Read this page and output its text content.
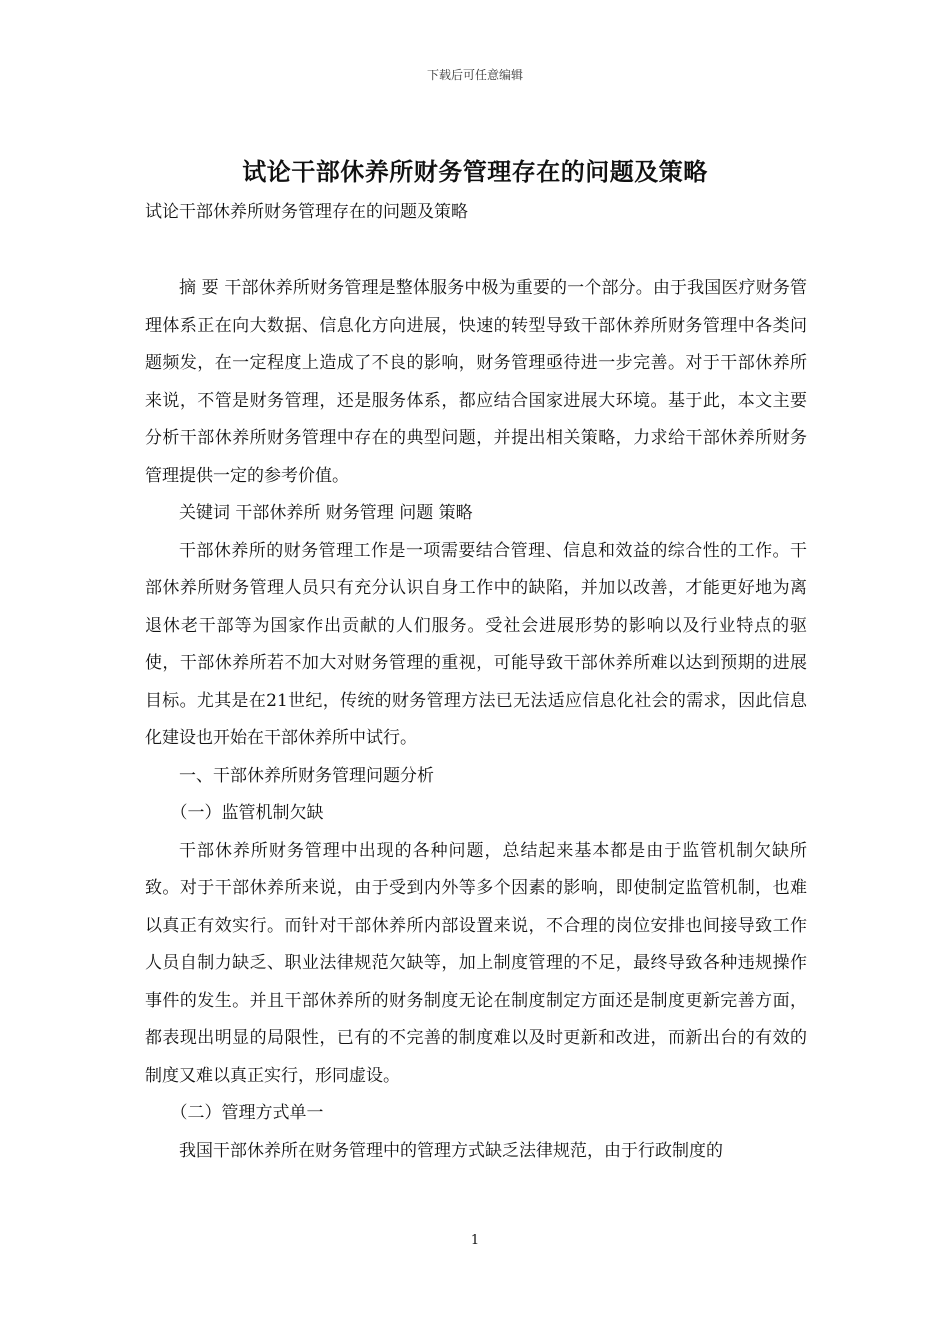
下载后可任意编辑
试论干部休养所财务管理存在的问题及策略
试论干部休养所财务管理存在的问题及策略

摘 要 干部休养所财务管理是整体服务中极为重要的一个部分。由于我国医疗财务管理体系正在向大数据、信息化方向进展，快速的转型导致干部休养所财务管理中各类问题频发，在一定程度上造成了不良的影响，财务管理亟待进一步完善。对于干部休养所来说，不管是财务管理，还是服务体系，都应结合国家进展大环境。基于此，本文主要分析干部休养所财务管理中存在的典型问题，并提出相关策略，力求给干部休养所财务管理提供一定的参考价值。

关键词 干部休养所 财务管理 问题 策略

干部休养所的财务管理工作是一项需要结合管理、信息和效益的综合性的工作。干部休养所财务管理人员只有充分认识自身工作中的缺陷，并加以改善，才能更好地为离退休老干部等为国家作出贡献的人们服务。受社会进展形势的影响以及行业特点的驱使，干部休养所若不加大对财务管理的重视，可能导致干部休养所难以达到预期的进展目标。尤其是在21世纪，传统的财务管理方法已无法适应信息化社会的需求，因此信息化建设也开始在干部休养所中试行。

一、干部休养所财务管理问题分析

（一）监管机制欠缺

干部休养所财务管理中出现的各种问题，总结起来基本都是由于监管机制欠缺所致。对于干部休养所来说，由于受到内外等多个因素的影响，即使制定监管机制，也难以真正有效实行。而针对干部休养所内部设置来说，不合理的岗位安排也间接导致工作人员自制力缺乏、职业法律规范欠缺等，加上制度管理的不足，最终导致各种违规操作事件的发生。并且干部休养所的财务制度无论在制度制定方面还是制度更新完善方面，都表现出明显的局限性，已有的不完善的制度难以及时更新和改进，而新出台的有效的制度又难以真正实行，形同虚设。

（二）管理方式单一

我国干部休养所在财务管理中的管理方式缺乏法律规范，由于行政制度的

1
